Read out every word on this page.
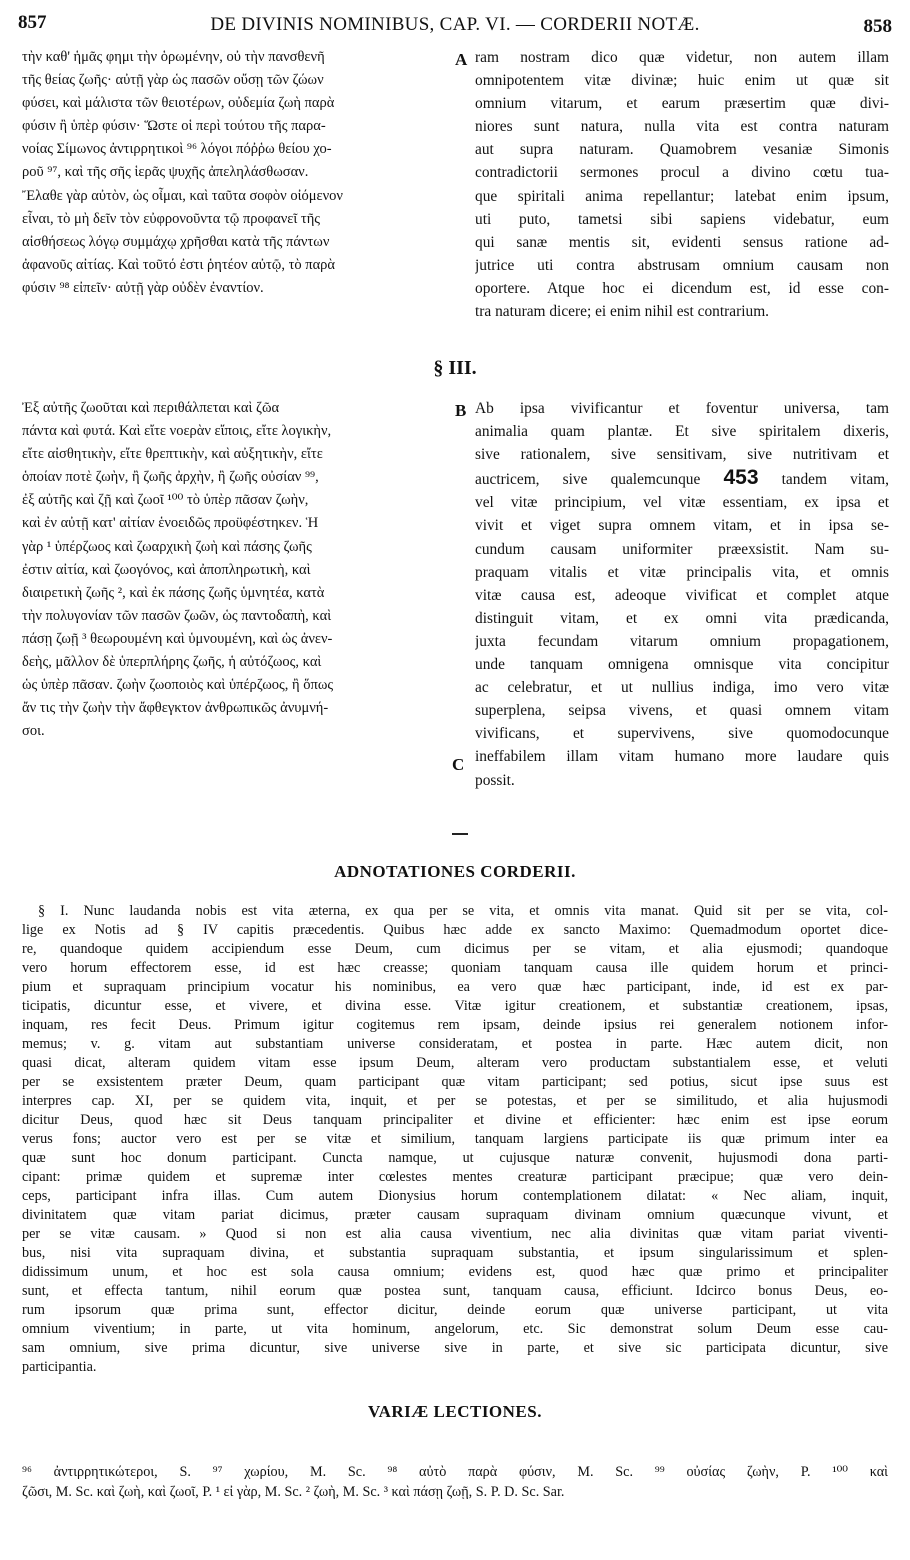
857	DE DIVINIS NOMINIBUS, CAP. VI. — CORDERII NOTÆ.	858
τὴν καθ' ἡμᾶς φημι τὴν ὁρωμένην, οὐ τὴν πανσθενῆ
τῆς θείας ζωῆς· αὐτῇ γὰρ ὡς πασῶν οὔσῃ τῶν ζώων
φύσει, καὶ μάλιστα τῶν θειοτέρων, οὐδεμία ζωὴ παρὰ
φύσιν ἢ ὑπὲρ φύσιν· Ὥστε οἱ περὶ τούτου τῆς παρα-
νοίας Σίμωνος ἀντιρρητικοὶ ⁹⁶ λόγοι πόῤῥω θείου χο-
ροῦ ⁹⁷, καὶ τῆς σῆς ἱερᾶς ψυχῆς ἀπεληλάσθωσαν.
Ἔλαθε γὰρ αὐτὸν, ὡς οἶμαι, καὶ ταῦτα σοφὸν οἰόμενον
εἶναι, τὸ μὴ δεῖν τὸν εὐφρονοῦντα τῷ προφανεῖ τῆς
αἰσθήσεως λόγῳ συμμάχῳ χρῆσθαι κατὰ τῆς πάντων
ἀφανοῦς αἰτίας. Καὶ τοῦτό ἐστι ῥητέον αὐτῷ, τὸ παρὰ
φύσιν ⁹⁸ εἰπεῖν· αὐτῇ γὰρ οὐδὲν ἐναντίον.
A ram nostram dico quæ videtur, non autem illam
omnipotentem vitæ divinæ; huic enim ut quæ sit
omnium vitarum, et earum præsertim quæ divi-
niores sunt natura, nulla vita est contra naturam
aut supra naturam. Quamobrem vesaniæ Simonis
contradictorii sermones procul a divino cœtu tua-
que spiritali anima repellantur; latebat enim ipsum,
uti puto, tametsi sibi sapiens videbatur, eum
qui sanæ mentis sit, evidenti sensus ratione ad-
jutrice uti contra abstrusam omnium causam non
oportere. Atque hoc ei dicendum est, id esse con-
tra naturam dicere; ei enim nihil est contrarium.
§ III.
Ἐξ αὐτῆς ζωοῦται καὶ περιθάλπεται καὶ ζῶα
πάντα καὶ φυτά. Καὶ εἴτε νοερὰν εἴποις, εἴτε λογικὴν,
εἴτε αἰσθητικὴν, εἴτε θρεπτικὴν, καὶ αὐξητικὴν, εἴτε
ὁποίαν ποτὲ ζωὴν, ἢ ζωῆς ἀρχὴν, ἢ ζωῆς οὐσίαν ⁹⁹,
ἐξ αὐτῆς καὶ ζῇ καὶ ζωοῖ ¹⁰⁰ τὸ ὑπὲρ πᾶσαν ζωὴν,
καὶ ἐν αὐτῇ κατ' αἰτίαν ἑνοειδῶς προϋφέστηκεν. Ἡ
γὰρ ¹ ὑπέρζωος καὶ ζωαρχικὴ ζωὴ καὶ πάσης ζωῆς
ἐστιν αἰτία, καὶ ζωογόνος, καὶ ἀποπληρωτικὴ, καὶ
διαιρετικὴ ζωῆς ², καὶ ἐκ πάσης ζωῆς ὑμνητέα, κατὰ
τὴν πολυγονίαν τῶν πασῶν ζωῶν, ὡς παντοδαπὴ, καὶ
πάσῃ ζωῇ ³ θεωρουμένη καὶ ὑμνουμένη, καὶ ὡς ἀνεν-
δεὴς, μᾶλλον δὲ ὑπερπλήρης ζωῆς, ἡ αὐτόζωος, καὶ
ὡς ὑπὲρ πᾶσαν. ζωὴν ζωοποιὸς καὶ ὑπέρζωος, ἢ ὅπως
ἄν τις τὴν ζωὴν τὴν ἄφθεγκτον ἀνθρωπικῶς ἀνυμνή-
σοι.
B
C
Ab ipsa vivificantur et foventur universa, tam
animalia quam plantæ. Et sive spiritalem dixeris,
sive rationalem, sive sensitivam, sive nutritivam et
auctricem, sive qualemcunque 453 tandem vitam,
vel vitæ principium, vel vitæ essentiam, ex ipsa et
vivit et viget supra omnem vitam, et in ipsa se-
cundum causam uniformiter præexsistit. Nam su-
praquam vitalis et vitæ principalis vita, et omnis
vitæ causa est, adeoque vivificat et complet atque
distinguit vitam, et ex omni vita prædicanda,
juxta fecundam vitarum omnium propagationem,
unde tanquam omnigena omnisque vita concipitur
ac celebratur, et ut nullius indiga, imo vero vitæ
superplena, seipsa vivens, et quasi omnem vitam
vivificans, et supervivens, sive quomodocunque
ineffabilem illam vitam humano more laudare quis
possit.
ADNOTATIONES CORDERII.
§ I. Nunc laudanda nobis est vita æterna, ex qua per se vita, et omnis vita manat. Quid sit per se vita, col-
lige ex Notis ad § IV capitis præcedentis. Quibus hæc adde ex sancto Maximo: Quemadmodum oportet dice-
re, quandoque quidem accipiendum esse Deum, cum dicimus per se vitam, et alia ejusmodi; quandoque
vero horum effectorem esse, id est hæc creasse; quoniam tanquam causa ille quidem horum et princi-
pium et supraquam principium vocatur his nominibus, ea vero quæ hæc participant, inde, id est ex par-
ticipatis, dicuntur esse, et vivere, et divina esse. Vitæ igitur creationem, et substantiæ creationem, ipsas,
inquam, res fecit Deus. Primum igitur cogitemus rem ipsam, deinde ipsius rei generalem notionem infor-
memus; v. g. vitam aut substantiam universe consideratam, et postea in parte. Hæc autem dicit, non
quasi dicat, alteram quidem vitam esse ipsum Deum, alteram vero productam substantialem esse, et veluti
per se exsistentem præter Deum, quam participant quæ vitam participant; sed potius, sicut ipse suus est
interpres cap. XI, per se quidem vita, inquit, et per se potestas, et per se similitudo, et alia hujusmodi
dicitur Deus, quod hæc sit Deus tanquam principaliter et divine et efficienter: hæc enim est ipse eorum
verus fons; auctor vero est per se vitæ et similium, tanquam largiens participate iis quæ primum inter ea
quæ sunt hoc donum participant. Cuncta namque, ut cujusque naturæ convenit, hujusmodi dona parti-
cipant: primæ quidem et supremæ inter cœlestes mentes creaturæ participant præcipue; quæ vero dein-
ceps, participant infra illas. Cum autem Dionysius horum contemplationem dilatat: « Nec aliam, inquit,
divinitatem quæ vitam pariat dicimus, præter causam supraquam divinam omnium quæcunque vivunt, et
per se vitæ causam. » Quod si non est alia causa viventium, nec alia divinitas quæ vitam pariat viventi-
bus, nisi vita supraquam divina, et substantia supraquam substantia, et ipsum singularissimum et splen-
didissimum unum, et hoc est sola causa omnium; evidens est, quod hæc quæ primo et principaliter
sunt, et effecta tantum, nihil eorum quæ postea sunt, tanquam causa, efficiunt. Idcirco bonus Deus, eo-
rum ipsorum quæ prima sunt, effector dicitur, deinde eorum quæ universe participant, ut vita
omnium viventium; in parte, ut vita hominum, angelorum, etc. Sic demonstrat solum Deum esse cau-
sam omnium, sive prima dicuntur, sive universe sive in parte, et sive sic participata dicuntur, sive
participantia.
VARIÆ LECTIONES.
⁹⁶ ἀντιρρητικώτεροι, S. ⁹⁷ χωρίου, M. Sc. ⁹⁸ αὐτὸ παρὰ φύσιν, M. Sc. ⁹⁹ οὐσίας ζωὴν, P. ¹⁰⁰ καὶ
ζῶσι, M. Sc. καὶ ζωὴ, καὶ ζωοῖ, P. ¹ εἰ γὰρ, M. Sc. ² ζωὴ, M. Sc. ³ καὶ πάσῃ ζωῇ, S. P. D. Sc. Sar.
